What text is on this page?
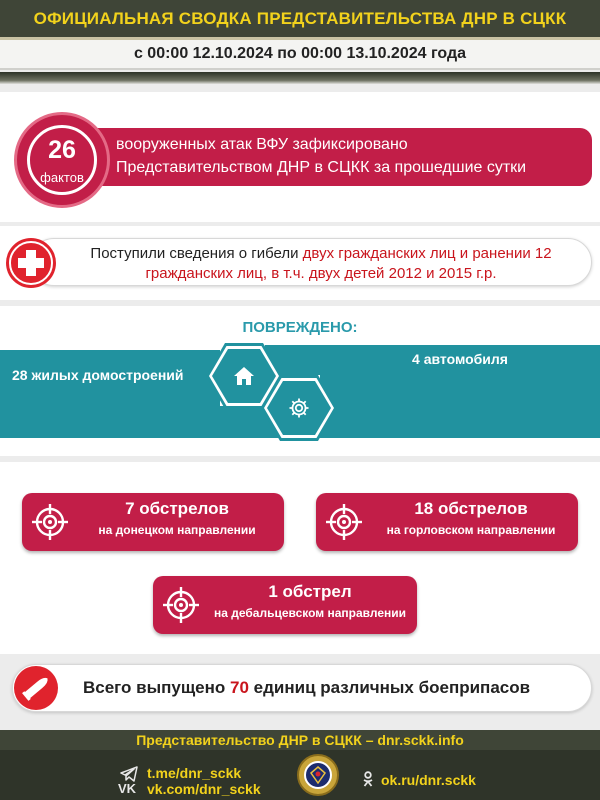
ОФИЦИАЛЬНАЯ СВОДКА ПРЕДСТАВИТЕЛЬСТВА ДНР В СЦКК
с 00:00 12.10.2024 по 00:00 13.10.2024 года
вооруженных атак ВФУ зафиксировано
Представительством ДНР в СЦКК за прошедшие сутки
26
фактов
Поступили сведения о гибели двух гражданских лиц и ранении 12 гражданских лиц, в т.ч. двух детей 2012 и 2015 г.р.
ПОВРЕЖДЕНО:
28 жилых домостроений
4 автомобиля
7 обстрелов
на донецком направлении
18 обстрелов
на горловском направлении
1 обстрел
на дебальцевском направлении
Всего выпущено 70 единиц различных боеприпасов
Представительство ДНР в СЦКК – dnr.sckk.info
t.me/dnr_sckk
VK vk.com/dnr_sckk
ok.ru/dnr.sckk
